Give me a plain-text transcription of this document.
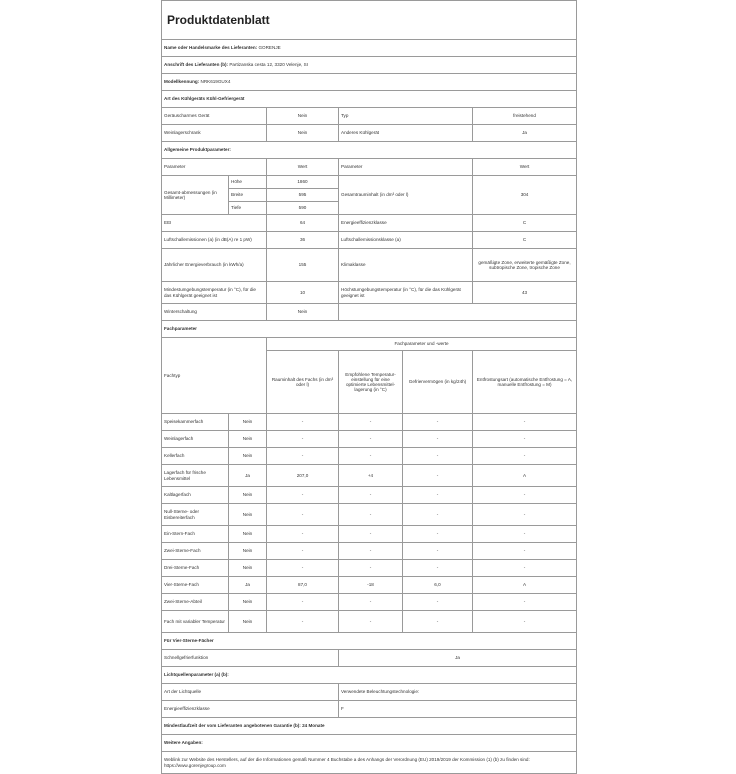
Produktdatenblatt					
Name oder Handelsmarke des Lieferanten: GORENJE					
Anschrift des Lieferanten (b): Partizanska cesta 12, 3320 Velenje, SI					
Modellkennung: NRK619GUX4					
Art des Kühlgeräts Kühl-Gefriergerät					
Geräuscharmes Gerät		Nein	Typ		freistehend
Weinlagerschrank		Nein	Anderes Kühlgerät		Ja
Allgemeine Produktparameter:					
Parameter		Wert	Parameter		Wert
Gesamt-abmessungen (in Millimeter)	Höhe	1860	Gesamtrauminhalt (in dm³ oder l)		304
	Breite	595			
	Tiefe	590			
EEI		64	Energieeffizienzklasse		C
Luftschallemissionen (a) (in dB(A) re 1 pW)		36	Luftschallemissionsklasse (a)		C
Jährlicher Energieverbrauch (in kWh/a)		155	Klimaklasse		gemäßigte Zone, erweiterte gemäßigte Zone, subtropische Zone, tropische Zone
Mindestumgebungstemperatur (in °C), für die das Kühlgerät geeignet ist		10	Höchstumgebungstemperatur (in °C), für die das Kühlgerät geeignet ist		43
Winterschaltung		Nein			
Fachparameter					
Fachtyp		Fachparameter und -werte			
		Rauminhalt des Fachs (in dm³ oder l)	Empfohlene Temperatur-einstellung für eine optimierte Lebensmittel-lagerung (in °C)	Gefriervermögen (in kg/24h)	Entfrostungsart (automatische Entfrostung = A, manuelle Entfrostung = M)
Speisekammerfach	Nein	-	-	-	-
Weinlagerfach	Nein	-	-	-	-
Kellerfach	Nein	-	-	-	-
Lagerfach für frische Lebensmittel	Ja	207,0	+4	-	A
Kaltlagerfach	Nein	-	-	-	-
Null-Sterne- oder Eisbereiterfach	Nein	-	-	-	-
Ein-Stern-Fach	Nein	-	-	-	-
Zwei-Sterne-Fach	Nein	-	-	-	-
Drei-Sterne-Fach	Nein	-	-	-	-
Vier-Sterne-Fach	Ja	87,0	-18	6,0	A
Zwei-Sterne-Abteil	Nein	-	-	-	-
Fach mit variabler Temperatur	Nein	-	-	-	-
Für Vier-Sterne-Fächer					
Schnellgefrierfunktion			Ja		
Lichtquellenparameter (a) (b):					
Art der Lichtquelle			Verwendete Beleuchtungstechnologie:		
Energieeffizienzklasse			F		
Mindestlaufzeit der vom Lieferanten angebotenen Garantie (b): 24 Monate					
Weitere Angaben:					
Weblink zur Website des Herstellers, auf der die Informationen gemäß Nummer 4 Buchstabe a des Anhangs der Verordnung (EU) 2019/2019 der Kommission (1) (b) zu finden sind: https://www.gorenjegroup.com					
